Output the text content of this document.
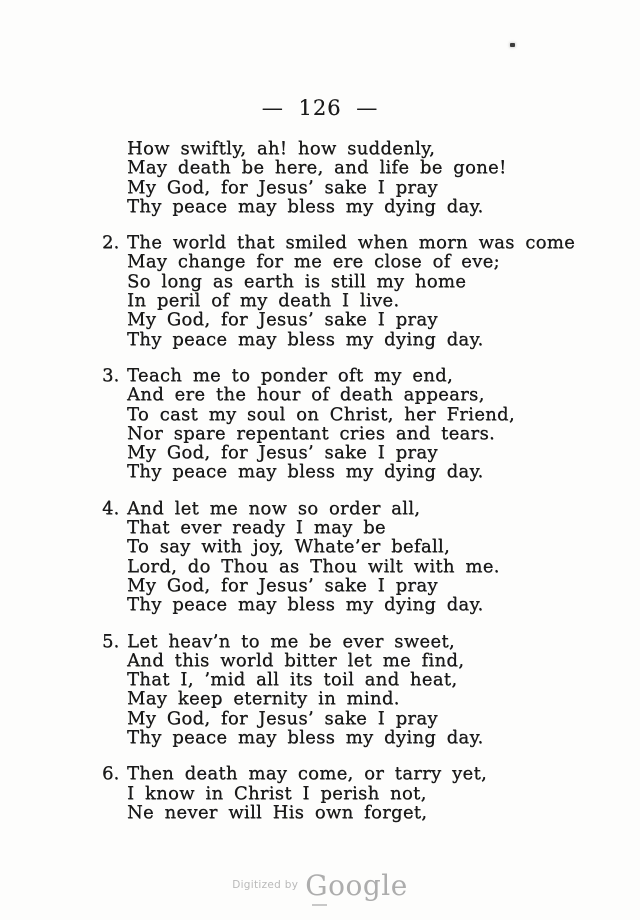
— 126 —
How swiftly, ah! how suddenly,
May death be here, and life be gone!
My God, for Jesus’ sake I pray
Thy peace may bless my dying day.
2. The world that smiled when morn was come
May change for me ere close of eve;
So long as earth is still my home
In peril of my death I live.
My God, for Jesus’ sake I pray
Thy peace may bless my dying day.
3. Teach me to ponder oft my end,
And ere the hour of death appears,
To cast my soul on Christ, her Friend,
Nor spare repentant cries and tears.
My God, for Jesus’ sake I pray
Thy peace may bless my dying day.
4. And let me now so order all,
That ever ready I may be
To say with joy, Whate’er befall,
Lord, do Thou as Thou wilt with me.
My God, for Jesus’ sake I pray
Thy peace may bless my dying day.
5. Let heav’n to me be ever sweet,
And this world bitter let me find,
That I, ’mid all its toil and heat,
May keep eternity in mind.
My God, for Jesus’ sake I pray
Thy peace may bless my dying day.
6. Then death may come, or tarry yet,
I know in Christ I perish not,
Ne never will His own forget,
$^{Digitized by}$ Google
